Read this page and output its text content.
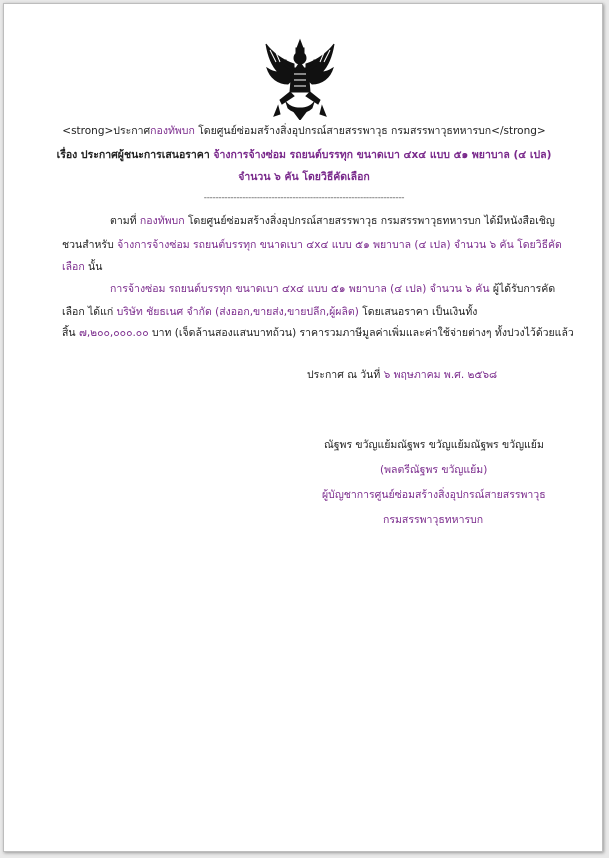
<strong>ประกาศกองทัพบก โดยศูนย์ซ่อมสร้างสิ่งอุปกรณ์สายสรรพาวุธ กรมสรรพาวุธทหารบก</strong>
เรื่อง ประกาศผู้ชนะการเสนอราคา จ้างการจ้างซ่อม รถยนต์บรรทุก ขนาดเบา ๔x๔ แบบ ๕๑ พยาบาล (๔ เปล)
จำนวน ๖ คัน โดยวิธีคัดเลือก
--------------------------------------------------------------------
ตามที่ กองทัพบก โดยศูนย์ซ่อมสร้างสิ่งอุปกรณ์สายสรรพาวุธ กรมสรรพาวุธทหารบก ได้มีหนังสือเชิญ
ชวนสำหรับ จ้างการจ้างซ่อม รถยนต์บรรทุก ขนาดเบา ๔x๔ แบบ ๕๑ พยาบาล (๔ เปล) จำนวน ๖ คัน โดยวิธีคัด
เลือก นั้น
การจ้างซ่อม รถยนต์บรรทุก ขนาดเบา ๔x๔ แบบ ๕๑ พยาบาล (๔ เปล) จำนวน ๖ คัน ผู้ได้รับการคัด
เลือก ได้แก่ บริษัท ชัยธเนศ จำกัด (ส่งออก,ขายส่ง,ขายปลีก,ผู้ผลิต) โดยเสนอราคา เป็นเงินทั้ง
สิ้น ๗,๒๐๐,๐๐๐.๐๐ บาท (เจ็ดล้านสองแสนบาทถ้วน) ราคารวมภาษีมูลค่าเพิ่มและค่าใช้จ่ายต่างๆ ทั้งปวงไว้ด้วยแล้ว
ประกาศ ณ วันที่ ๖ พฤษภาคม พ.ศ. ๒๕๖๘
ณัฐพร ขวัญแย้มณัฐพร ขวัญแย้มณัฐพร ขวัญแย้ม
(พลตรีณัฐพร ขวัญแย้ม)
ผู้บัญชาการศูนย์ซ่อมสร้างสิ่งอุปกรณ์สายสรรพาวุธ
กรมสรรพาวุธทหารบก
